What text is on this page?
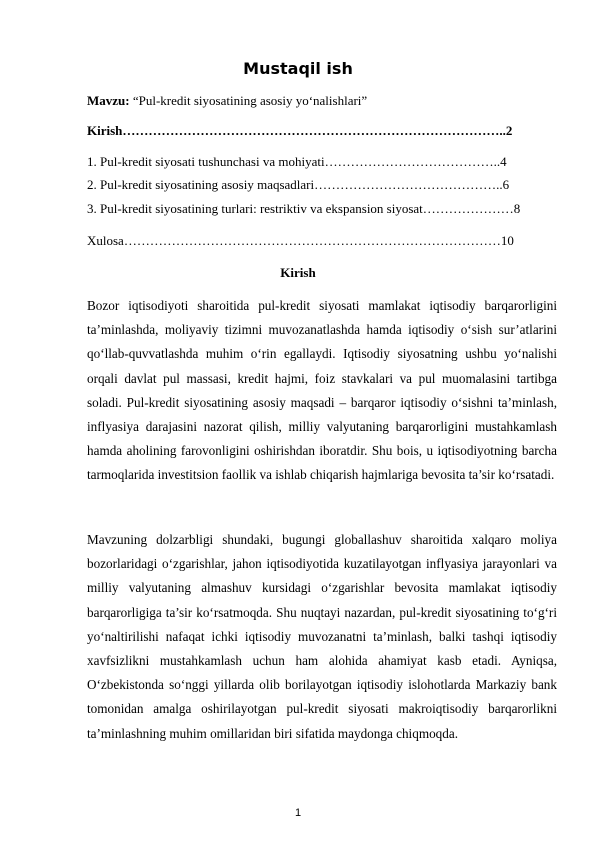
Mustaqil ish
Mavzu: “Pul-kredit siyosatining asosiy yo‘nalishlari”
Kirish……………………………………………………………………………..2
1. Pul-kredit siyosati tushunchasi va mohiyati…………………………………..4
2. Pul-kredit siyosatining asosiy maqsadlari……………………………………..6
3. Pul-kredit siyosatining turlari: restriktiv va ekspansion siyosat…………………8
Xulosa……………………………………………………………………………10
Kirish
Bozor iqtisodiyoti sharoitida pul-kredit siyosati mamlakat iqtisodiy barqarorligini ta’minlashda, moliyaviy tizimni muvozanatlashda hamda iqtisodiy o‘sish sur’atlarini qo‘llab-quvvatlashda muhim o‘rin egallaydi. Iqtisodiy siyosatning ushbu yo‘nalishi orqali davlat pul massasi, kredit hajmi, foiz stavkalari va pul muomalasini tartibga soladi. Pul-kredit siyosatining asosiy maqsadi – barqaror iqtisodiy o‘sishni ta’minlash, inflyasiya darajasini nazorat qilish, milliy valyutaning barqarorligini mustahkamlash hamda aholining farovonligini oshirishdan iboratdir. Shu bois, u iqtisodiyotning barcha tarmoqlarida investitsion faollik va ishlab chiqarish hajmlariga bevosita ta’sir ko‘rsatadi.
Mavzuning dolzarbligi shundaki, bugungi globallashuv sharoitida xalqaro moliya bozorlaridagi o‘zgarishlar, jahon iqtisodiyotida kuzatilayotgan inflyasiya jarayonlari va milliy valyutaning almashuv kursidagi o‘zgarishlar bevosita mamlakat iqtisodiy barqarorligiga ta’sir ko‘rsatmoqda. Shu nuqtayi nazardan, pul-kredit siyosatining to‘g‘ri yo‘naltirilishi nafaqat ichki iqtisodiy muvozanatni ta’minlash, balki tashqi iqtisodiy xavfsizlikni mustahkamlash uchun ham alohida ahamiyat kasb etadi. Ayniqsa, O‘zbekistonda so‘nggi yillarda olib borilayotgan iqtisodiy islohotlarda Markaziy bank tomonidan amalga oshirilayotgan pul-kredit siyosati makroiqtisodiy barqarorlikni ta’minlashning muhim omillaridan biri sifatida maydonga chiqmoqda.
1
